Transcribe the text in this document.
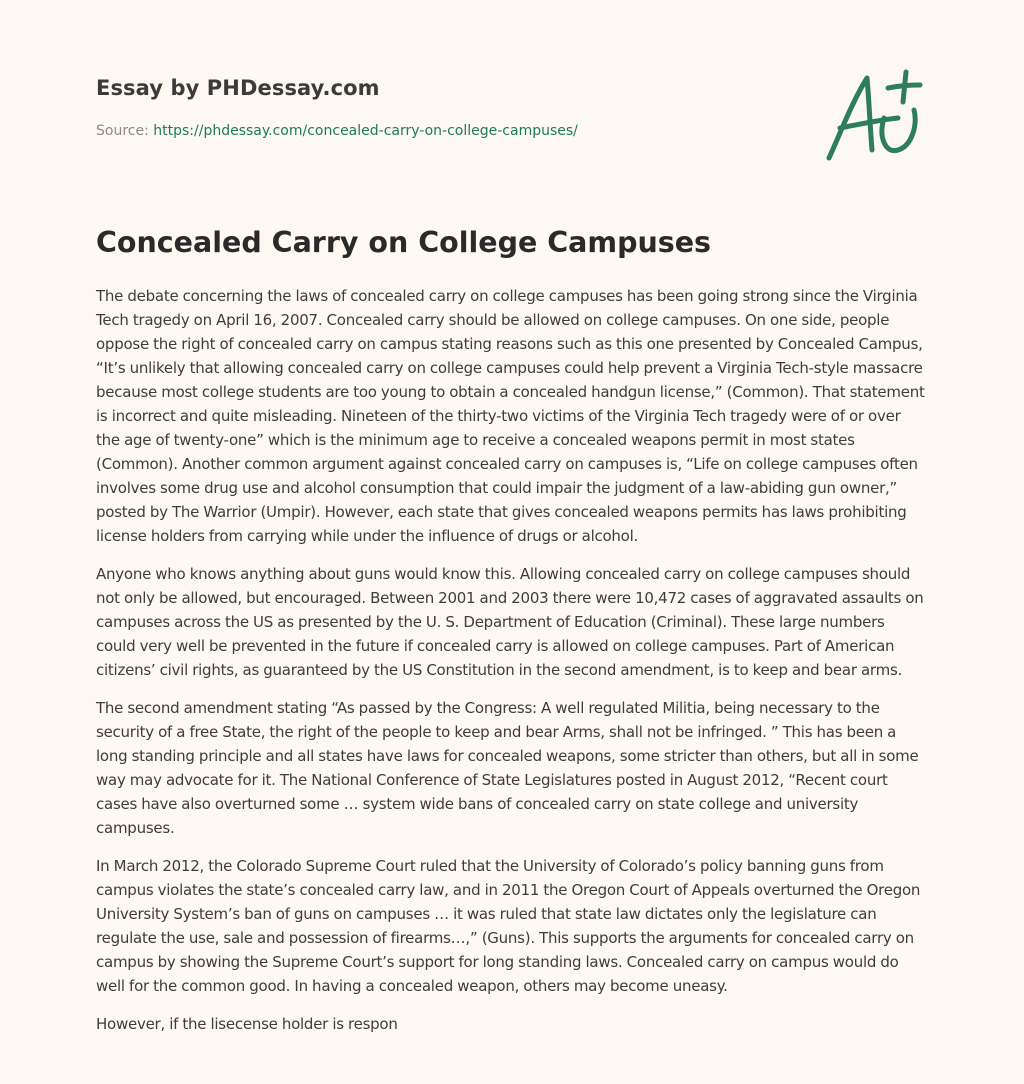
Essay by PHDessay.com
Source: https://phdessay.com/concealed-carry-on-college-campuses/
Concealed Carry on College Campuses

The debate concerning the laws of concealed carry on college campuses has been going strong since the Virginia Tech tragedy on April 16, 2007. Concealed carry should be allowed on college campuses. On one side, people oppose the right of concealed carry on campus stating reasons such as this one presented by Concealed Campus, “It’s unlikely that allowing concealed carry on college campuses could help prevent a Virginia Tech-style massacre because most college students are too young to obtain a concealed handgun license,” (Common). That statement is incorrect and quite misleading. Nineteen of the thirty-two victims of the Virginia Tech tragedy were of or over the age of twenty-one” which is the minimum age to receive a concealed weapons permit in most states (Common). Another common argument against concealed carry on campuses is, “Life on college campuses often involves some drug use and alcohol consumption that could impair the judgment of a law-abiding gun owner,” posted by The Warrior (Umpir). However, each state that gives concealed weapons permits has laws prohibiting license holders from carrying while under the influence of drugs or alcohol.

Anyone who knows anything about guns would know this. Allowing concealed carry on college campuses should not only be allowed, but encouraged. Between 2001 and 2003 there were 10,472 cases of aggravated assaults on campuses across the US as presented by the U. S. Department of Education (Criminal). These large numbers could very well be prevented in the future if concealed carry is allowed on college campuses. Part of American citizens’ civil rights, as guaranteed by the US Constitution in the second amendment, is to keep and bear arms.

The second amendment stating “As passed by the Congress: A well regulated Militia, being necessary to the security of a free State, the right of the people to keep and bear Arms, shall not be infringed. ” This has been a long standing principle and all states have laws for concealed weapons, some stricter than others, but all in some way may advocate for it. The National Conference of State Legislatures posted in August 2012, “Recent court cases have also overturned some … system wide bans of concealed carry on state college and university campuses.

In March 2012, the Colorado Supreme Court ruled that the University of Colorado’s policy banning guns from campus violates the state’s concealed carry law, and in 2011 the Oregon Court of Appeals overturned the Oregon University System’s ban of guns on campuses … it was ruled that state law dictates only the legislature can regulate the use, sale and possession of firearms…,” (Guns). This supports the arguments for concealed carry on campus by showing the Supreme Court’s support for long standing laws. Concealed carry on campus would do well for the common good. In having a concealed weapon, others may become uneasy.

However, if the lisecense holder is respon
